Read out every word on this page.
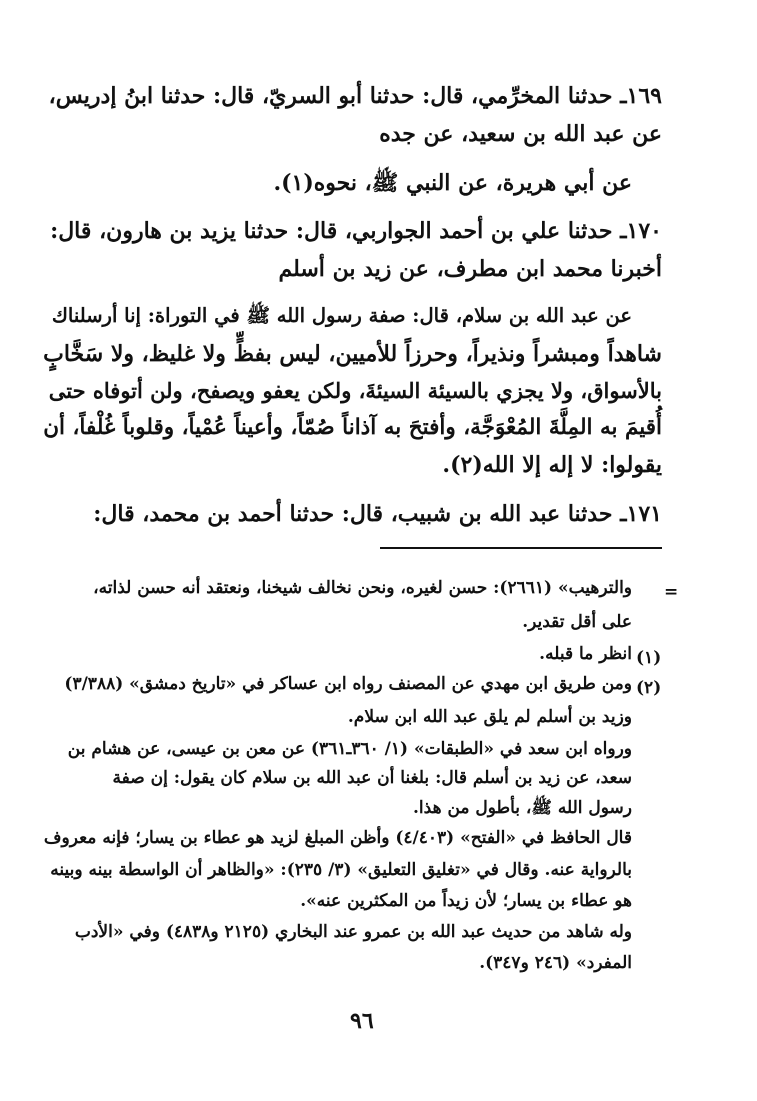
١٦٩ـ حدثنا المخرِّمي، قال: حدثنا أبو السريّ، قال: حدثنا ابنُ إدريس،
عن عبد الله بن سعيد، عن جده
عن أبي هريرة، عن النبي ﷺ، نحوه(١).
١٧٠ـ حدثنا علي بن أحمد الجواربي، قال: حدثنا يزيد بن هارون، قال:
أخبرنا محمد ابن مطرف، عن زيد بن أسلم
عن عبد الله بن سلام، قال: صفة رسول الله ﷺ في التوراة: إنا أرسلناك
شاهداً ومبشراً ونذيراً، وحرزاً للأميين، ليس بفظٍّ ولا غليظ، ولا سَخَّابٍ
بالأسواق، ولا يجزي بالسيئة السيئةَ، ولكن يعفو ويصفح، ولن أتوفاه حتى
أُقيمَ به المِلَّةَ المُعْوَجَّة، وأفتحَ به آذاناً صُمّاً، وأعيناً عُمْياً، وقلوباً غُلْفاً، أن
يقولوا: لا إله إلا الله(٢).
١٧١ـ حدثنا عبد الله بن شبيب، قال: حدثنا أحمد بن محمد، قال:
=
والترهيب» (٢٦٦١): حسن لغيره، ونحن نخالف شيخنا، ونعتقد أنه حسن لذاته،
على أقل تقدير.
(١)
انظر ما قبله.
(٢)
ومن طريق ابن مهدي عن المصنف رواه ابن عساكر في «تاريخ دمشق» (٣/٣٨٨)
وزيد بن أسلم لم يلق عبد الله ابن سلام.
ورواه ابن سعد في «الطبقات» (١/ ٣٦٠ـ٣٦١) عن معن بن عيسى، عن هشام بن
سعد، عن زيد بن أسلم قال: بلغنا أن عبد الله بن سلام كان يقول: إن صفة
رسول الله ﷺ، بأطول من هذا.
قال الحافظ في «الفتح» (٤/٤٠٣) وأظن المبلغ لزيد هو عطاء بن يسار؛ فإنه معروف
بالرواية عنه. وقال في «تغليق التعليق» (٣/ ٢٣٥): «والظاهر أن الواسطة بينه وبينه
هو عطاء بن يسار؛ لأن زيداً من المكثرين عنه».
وله شاهد من حديث عبد الله بن عمرو عند البخاري (٢١٢٥ و٤٨٣٨) وفي «الأدب
المفرد» (٢٤٦ و٣٤٧).
٩٦
